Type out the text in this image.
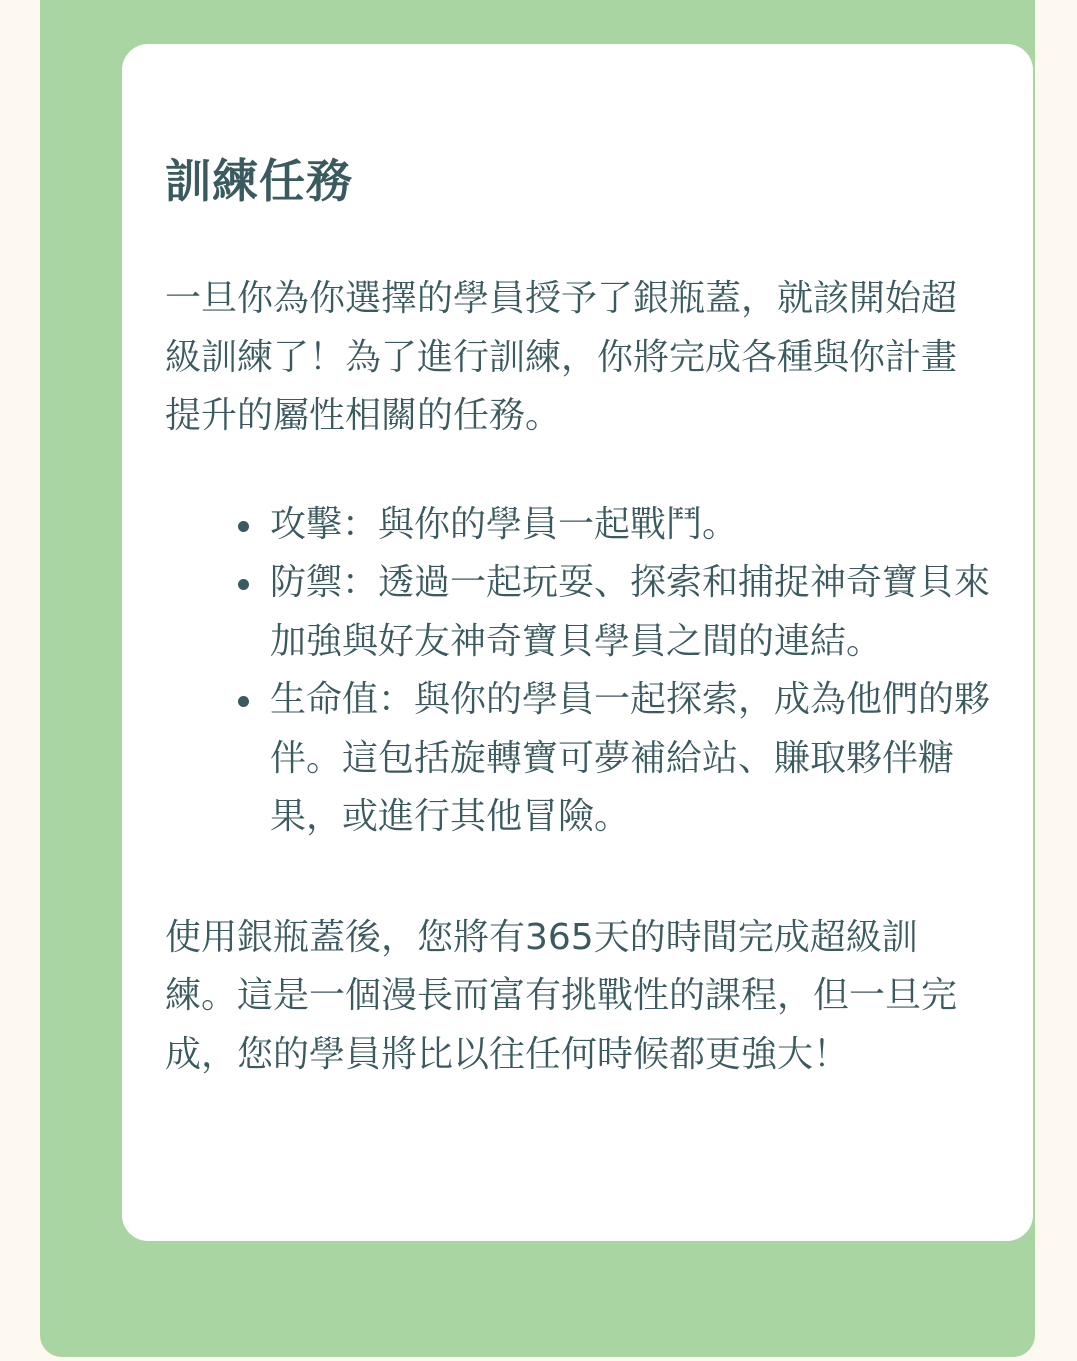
訓練任務

一旦你為你選擇的學員授予了銀瓶蓋，就該開始超級訓練了！為了進行訓練，你將完成各種與你計畫提升的屬性相關的任務。

攻擊：與你的學員一起戰鬥。
防禦：透過一起玩耍、探索和捕捉神奇寶貝來加強與好友神奇寶貝學員之間的連結。
生命值：與你的學員一起探索，成為他們的夥伴。這包括旋轉寶可夢補給站、賺取夥伴糖果，或進行其他冒險。

使用銀瓶蓋後，您將有365天的時間完成超級訓練。這是一個漫長而富有挑戰性的課程，但一旦完成，您的學員將比以往任何時候都更強大！
